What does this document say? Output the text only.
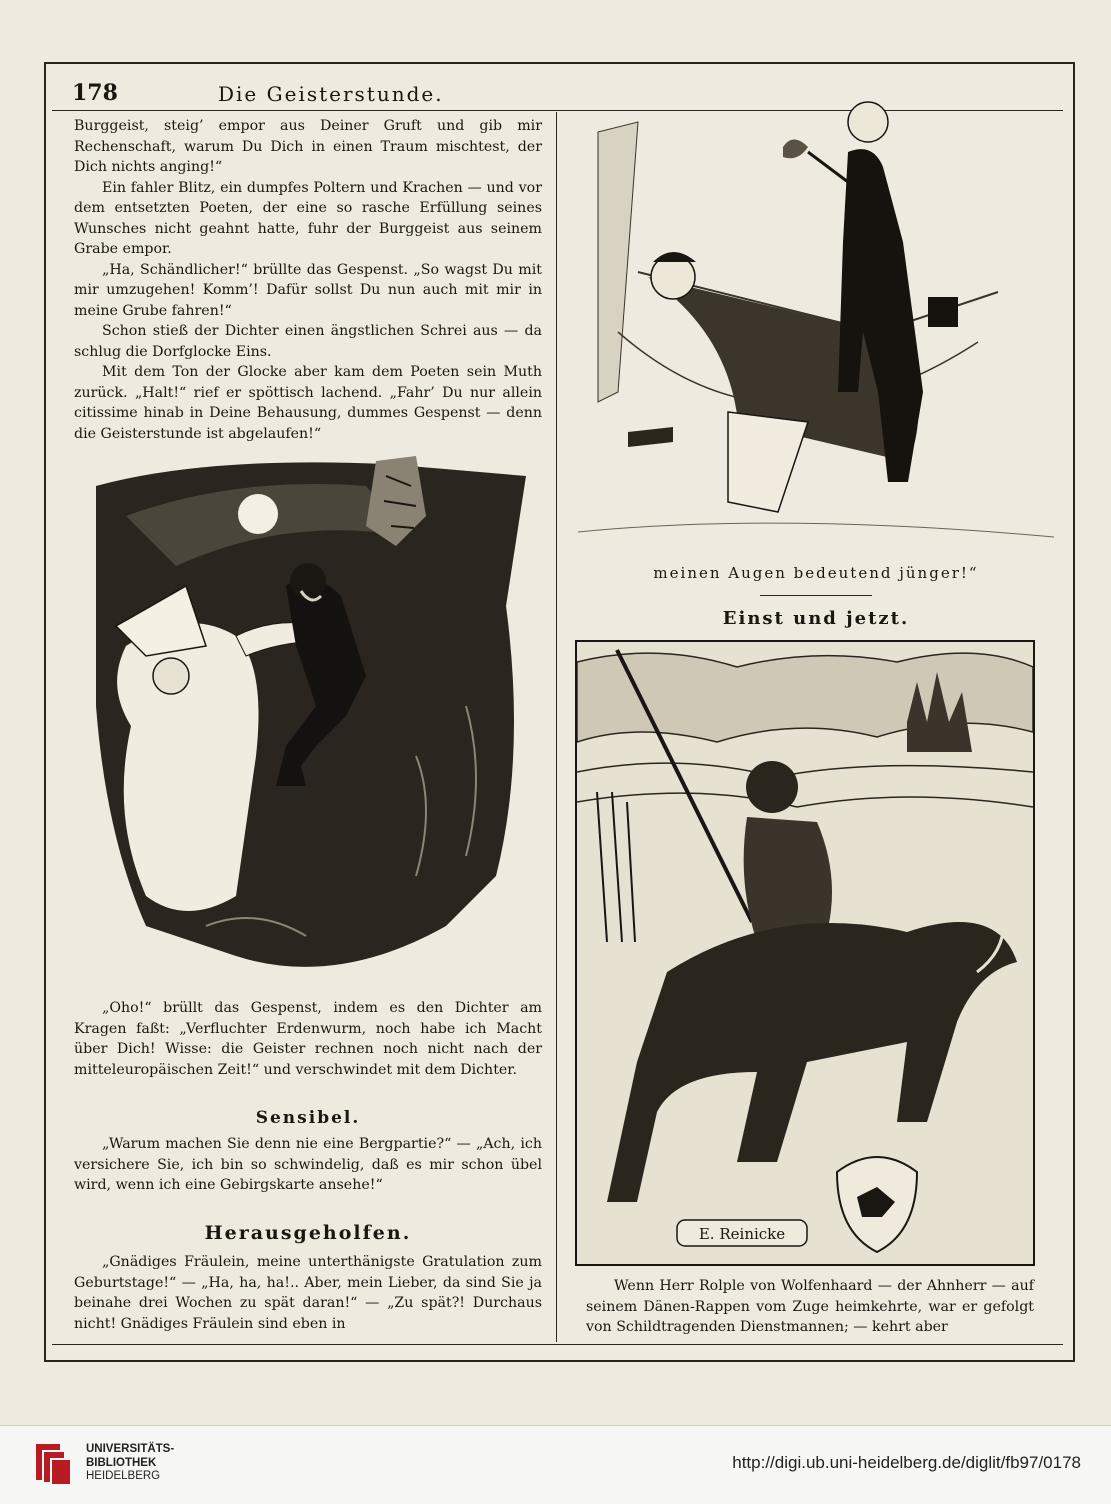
178	Die Geisterstunde.

Burggeist, steig’ empor aus Deiner Gruft und gib mir Rechenschaft, warum Du Dich in einen Traum mischtest, der Dich nichts anging!“

Ein fahler Blitz, ein dumpfes Poltern und Krachen — und vor dem entsetzten Poeten, der eine so rasche Erfüllung seines Wunsches nicht geahnt hatte, fuhr der Burggeist aus seinem Grabe empor.

„Ha, Schändlicher!“ brüllte das Gespenst. „So wagst Du mit mir umzugehen! Komm’! Dafür sollst Du nun auch mit mir in meine Grube fahren!“

Schon stieß der Dichter einen ängstlichen Schrei aus — da schlug die Dorfglocke Eins.

Mit dem Ton der Glocke aber kam dem Poeten sein Muth zurück. „Halt!“ rief er spöttisch lachend. „Fahr’ Du nur allein citissime hinab in Deine Behausung, dummes Gespenst — denn die Geisterstunde ist abgelaufen!“

„Oho!“ brüllt das Gespenst, indem es den Dichter am Kragen faßt: „Verfluchter Erdenwurm, noch habe ich Macht über Dich! Wisse: die Geister rechnen noch nicht nach der mitteleuropäischen Zeit!“ und verschwindet mit dem Dichter.

Sensibel.

„Warum machen Sie denn nie eine Bergpartie?“ — „Ach, ich versichere Sie, ich bin so schwindelig, daß es mir schon übel wird, wenn ich eine Gebirgskarte ansehe!“

Herausgeholfen.

„Gnädiges Fräulein, meine unterthänigste Gratulation zum Geburtstage!“ — „Ha, ha, ha!.. Aber, mein Lieber, da sind Sie ja beinahe drei Wochen zu spät daran!“ — „Zu spät?! Durchaus nicht! Gnädiges Fräulein sind eben in

meinen Augen bedeutend jünger!“
Einst und jetzt.
E. Reinicke

Wenn Herr Rolple von Wolfenhaard — der Ahnherr — auf seinem Dänen-Rappen vom Zuge heimkehrte, war er gefolgt von Schildtragenden Dienstmannen; — kehrt aber

UNIVERSITÄTS-
BIBLIOTHEK
HEIDELBERG
http://digi.ub.uni-heidelberg.de/diglit/fb97/0178
